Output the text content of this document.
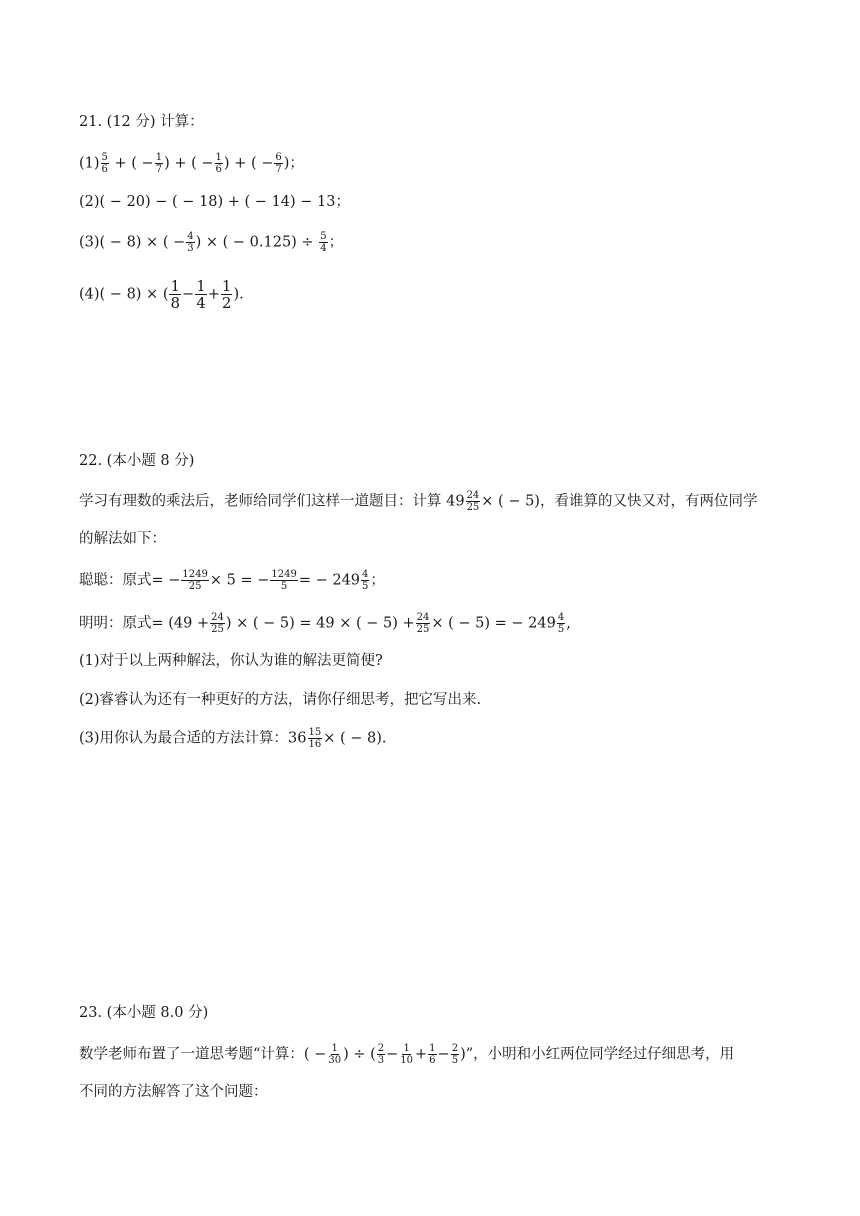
21. (12 分) 计算：
$(1) \frac{5}{6}$ + ( − $\frac{1}{7}$ ) + ( − $\frac{1}{6}$ ) + ( − $\frac{6}{7}$ )；
(2)( − 20) − ( − 18) + ( − 14) − 13；
(3)( − 8) × ( − $\frac{4}{3}$ ) × ( − $0.125) \div \frac{5}{4}$ ；
(4)( − 8) × ( $\frac{1}{8} - \frac{1}{4} + \frac{1}{2}$ ).
22. (本小题 8 分)
学习有理数的乘法后，老师给同学们这样一道题目：计算 $49 \frac{24}{25}$ × ( − 5)，看谁算的又快又对，有两位同学
的解法如下：
聪聪：原式= − $\frac{1249}{25} \times 5$ = − $\frac{1249}{5}$ = − $249 \frac{4}{5}$ ；
明明：原式= ($49 + \frac{24}{25}$ ) × ( − 5) = 49 × ( − $5) + \frac{24}{25}$ × ( − 5) = − $249 \frac{4}{5}$ ,
(1)对于以上两种解法，你认为谁的解法更简便?
(2)睿睿认为还有一种更好的方法，请你仔细思考，把它写出来.
(3)用你认为最合适的方法计算：$36 \frac{15}{16}$ × ( − 8).
23. (本小题 8.0 分)
数学老师布置了一道思考题“计算：( − $\frac{1}{30}$ ) ÷ ( $\frac{2}{3} - \frac{1}{10} + \frac{1}{6} - \frac{2}{5}$ )”，小明和小红两位同学经过仔细思考，用
不同的方法解答了这个问题：
